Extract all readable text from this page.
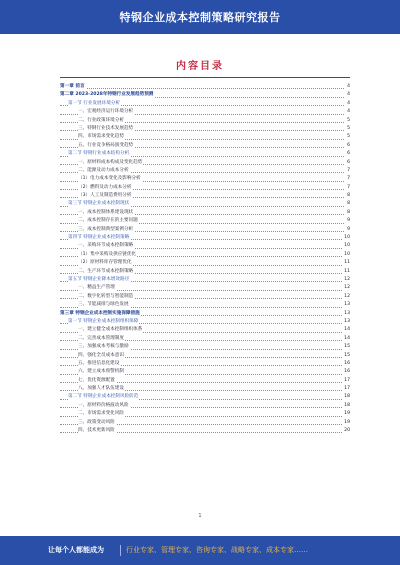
特钢企业成本控制策略研究报告
内容目录
第一章 前言	4
第二章 2023-2028年特钢行业发展趋势预测	4
第一节 行业发展环境分析	4
一、宏观经济运行环境分析	4
二、行业政策环境分析	5
三、特钢行业技术发展趋势	5
四、市场需求变化趋势	5
五、行业竞争格局演变趋势	6
第二节 特钢行业成本结构分析	6
一、原材料成本构成及变化趋势	6
二、能源及动力成本分析	7
（1）电力成本变化及影响分析	7
（2）燃料及动力成本分析	7
（3）人工及制造费用分析	8
第三节 特钢企业成本控制现状	8
一、成本控制体系建设现状	8
二、成本控制存在的主要问题	9
三、成本控制典型案例分析	9
第四节 特钢企业成本控制策略	10
一、采购环节成本控制策略	10
（1）集中采购及供应链优化	10
（2）原材料库存管理优化	11
二、生产环节成本控制策略	11
第五节 特钢企业降本增效路径	12
一、精益生产管理	12
二、数字化转型与智能制造	12
三、节能减排与绿色发展	13
第三章 特钢企业成本控制实施保障措施	13
第一节 特钢企业成本控制组织保障	13
一、建立健全成本控制组织体系	14
二、完善成本管理制度	14
三、加强成本考核与激励	15
四、强化全员成本意识	15
五、推进信息化建设	16
六、建立成本预警机制	16
七、优化资源配置	17
八、加强人才队伍建设	17
第二节 特钢企业成本控制风险防范	18
一、原材料价格波动风险	18
二、市场需求变化风险	19
三、政策变动风险	19
四、技术更新风险	20
1
让每个人都能成为	行业专家、管理专家、咨询专家、战略专家、成本专家……
